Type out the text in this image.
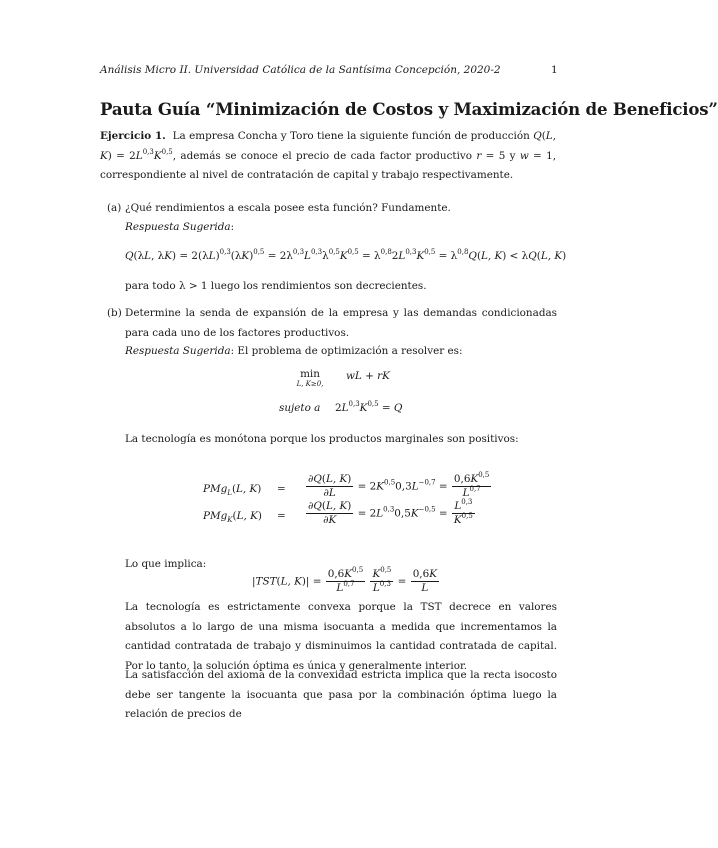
Análisis Micro II. Universidad Católica de la Santísima Concepción, 2020-2	1
Pauta Guía “Minimización de Costos y Maximización de Beneficios”
Ejercicio 1. La empresa Concha y Toro tiene la siguiente función de producción Q(L, $K) = 2L^{0,3}K^{0,5}$, además se conoce el precio de cada factor productivo r = 5 y w = 1, correspondiente al nivel de contratación de capital y trabajo respectivamente.
(a) ¿Qué rendimientos a escala posee esta función? Fundamente.
Respuesta Sugerida:
Q(λL, $\lambda K) = 2(\lambda L)^{0,3}(\lambda K)^{0,5} = 2\lambda^{0,3}L^{0,3}\lambda^{0,5}K^{0,5} = \lambda^{0,8}2L^{0,3}K^{0,5} = \lambda^{0,8}Q(L$, K) < λQ(L, K)
para todo λ > 1 luego los rendimientos son decrecientes.
(b) Determine la senda de expansión de la empresa y las demandas condicionadas para cada uno de los factores productivos.
Respuesta Sugerida: El problema de optimización a resolver es:
min
L, K≥0,
wL + rK
sujeto a $2L^{0,3}K^{0,5} = Q$
La tecnología es monótona porque los productos marginales son positivos:
PMg$_L$(L, $K) = \frac{\partial Q(L, K)}{\partial L} = 2K^{0,5}0,3L^{-0,7} = \frac{0,6K^{0,5}}{L^{0,7}}$
PMg$_K$(L, $K) = \frac{\partial Q(L, K)}{\partial K} = 2L^{0,3}0,5K^{-0,5} = \frac{L^{0,3}}{K^{0,5}}$
Lo que implica:
|TST(L, $K)| = \frac{0,6K^{0,5}}{L^{0,7}}$
$\frac{K^{0,5}}{L^{0,3}} = \frac{0,6K}{L}$
La tecnología es estrictamente convexa porque la TST decrece en valores absolutos a lo largo de una misma isocuanta a medida que incrementamos la cantidad contratada de trabajo y disminuimos la cantidad contratada de capital. Por lo tanto, la solución óptima es única y generalmente interior.
La satisfacción del axioma de la convexidad estricta implica que la recta isocosto debe ser tangente la isocuanta que pasa por la combinación óptima luego la relación de precios de
